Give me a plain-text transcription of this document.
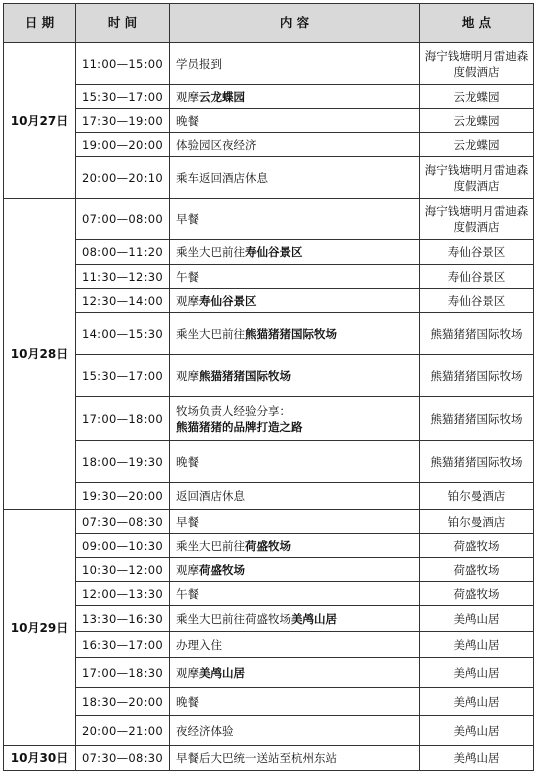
日 期	时 间	内 容	地 点
10月27日	11:00—15:00	学员报到	海宁钱塘明月雷迪森度假酒店
	15:30—17:00	观摩云龙蝶园	云龙蝶园
	17:30—19:00	晚餐	云龙蝶园
	19:00—20:00	体验园区夜经济	云龙蝶园
	20:00—20:10	乘车返回酒店休息	海宁钱塘明月雷迪森度假酒店
10月28日	07:00—08:00	早餐	海宁钱塘明月雷迪森度假酒店
	08:00—11:20	乘坐大巴前往寿仙谷景区	寿仙谷景区
	11:30—12:30	午餐	寿仙谷景区
	12:30—14:00	观摩寿仙谷景区	寿仙谷景区
	14:00—15:30	乘坐大巴前往熊猫猪猪国际牧场	熊猫猪猪国际牧场
	15:30—17:00	观摩熊猫猪猪国际牧场	熊猫猪猪国际牧场
	17:00—18:00	牧场负责人经验分享：
熊猫猪猪的品牌打造之路	熊猫猪猪国际牧场
	18:00—19:30	晚餐	熊猫猪猪国际牧场
	19:30—20:00	返回酒店休息	铂尔曼酒店
10月29日	07:30—08:30	早餐	铂尔曼酒店
	09:00—10:30	乘坐大巴前往荷盛牧场	荷盛牧场
	10:30—12:00	观摩荷盛牧场	荷盛牧场
	12:00—13:30	午餐	荷盛牧场
	13:30—16:30	乘坐大巴前往荷盛牧场美鸬山居	美鸬山居
	16:30—17:00	办理入住	美鸬山居
	17:00—18:30	观摩美鸬山居	美鸬山居
	18:30—20:00	晚餐	美鸬山居
	20:00—21:00	夜经济体验	美鸬山居
10月30日	07:30—08:30	早餐后大巴统一送站至杭州东站	美鸬山居
